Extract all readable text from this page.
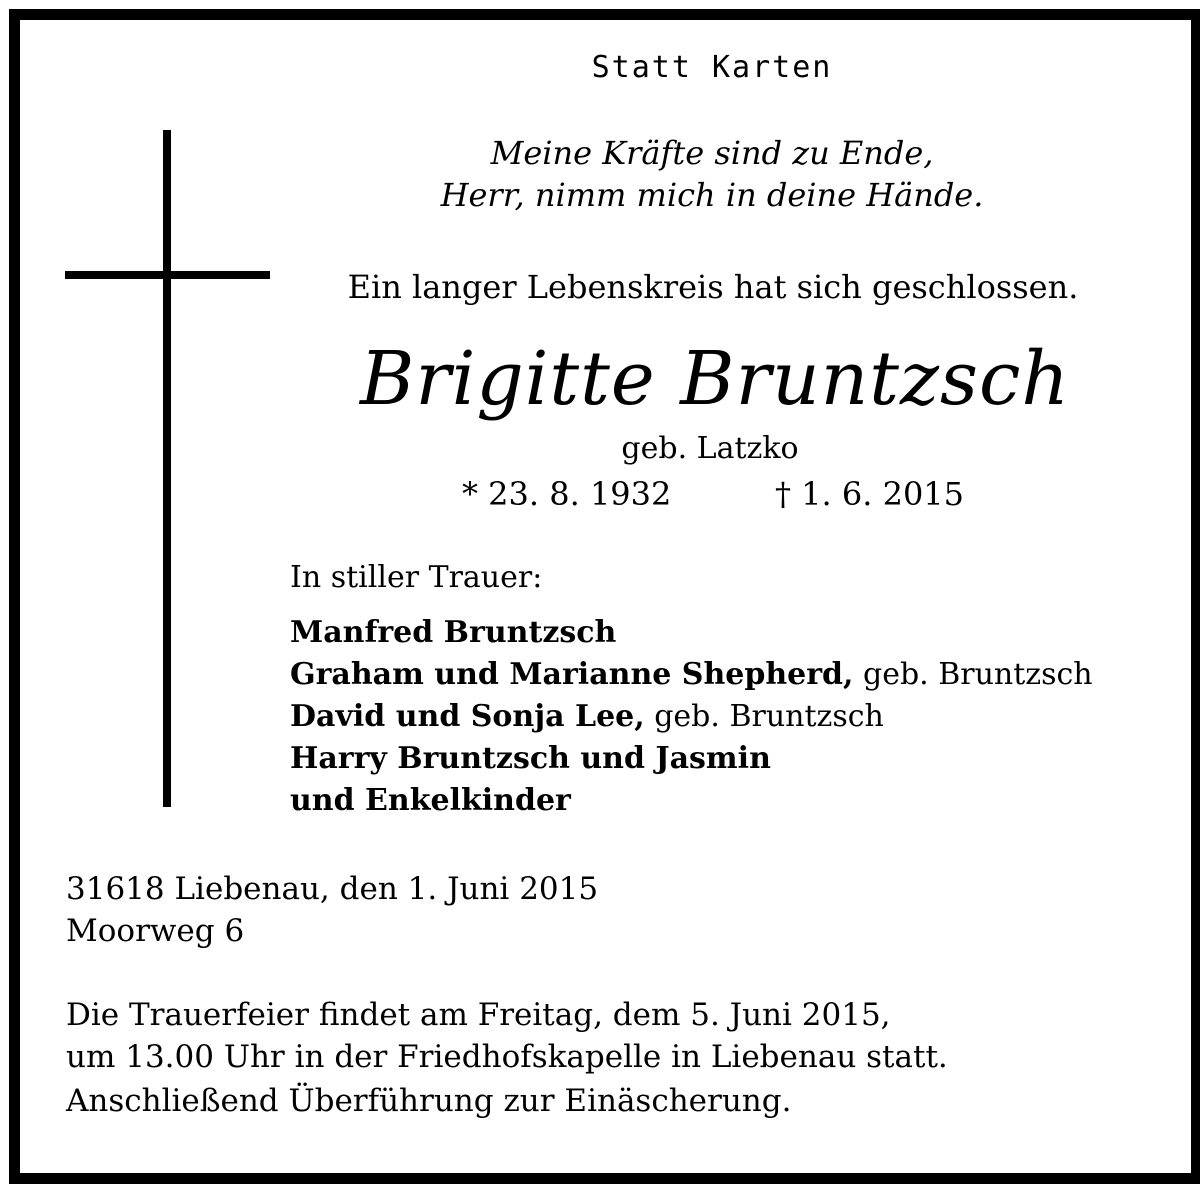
Statt Karten
Meine Kräfte sind zu Ende,
Herr, nimm mich in deine Hände.
Ein langer Lebenskreis hat sich geschlossen.
Brigitte Bruntzsch
geb. Latzko
* 23. 8. 1932	† 1. 6. 2015
In stiller Trauer:
Manfred Bruntzsch
Graham und Marianne Shepherd, geb. Bruntzsch
David und Sonja Lee, geb. Bruntzsch
Harry Bruntzsch und Jasmin
und Enkelkinder
31618 Liebenau, den 1. Juni 2015
Moorweg 6
Die Trauerfeier findet am Freitag, dem 5. Juni 2015,
um 13.00 Uhr in der Friedhofskapelle in Liebenau statt.
Anschließend Überführung zur Einäscherung.
